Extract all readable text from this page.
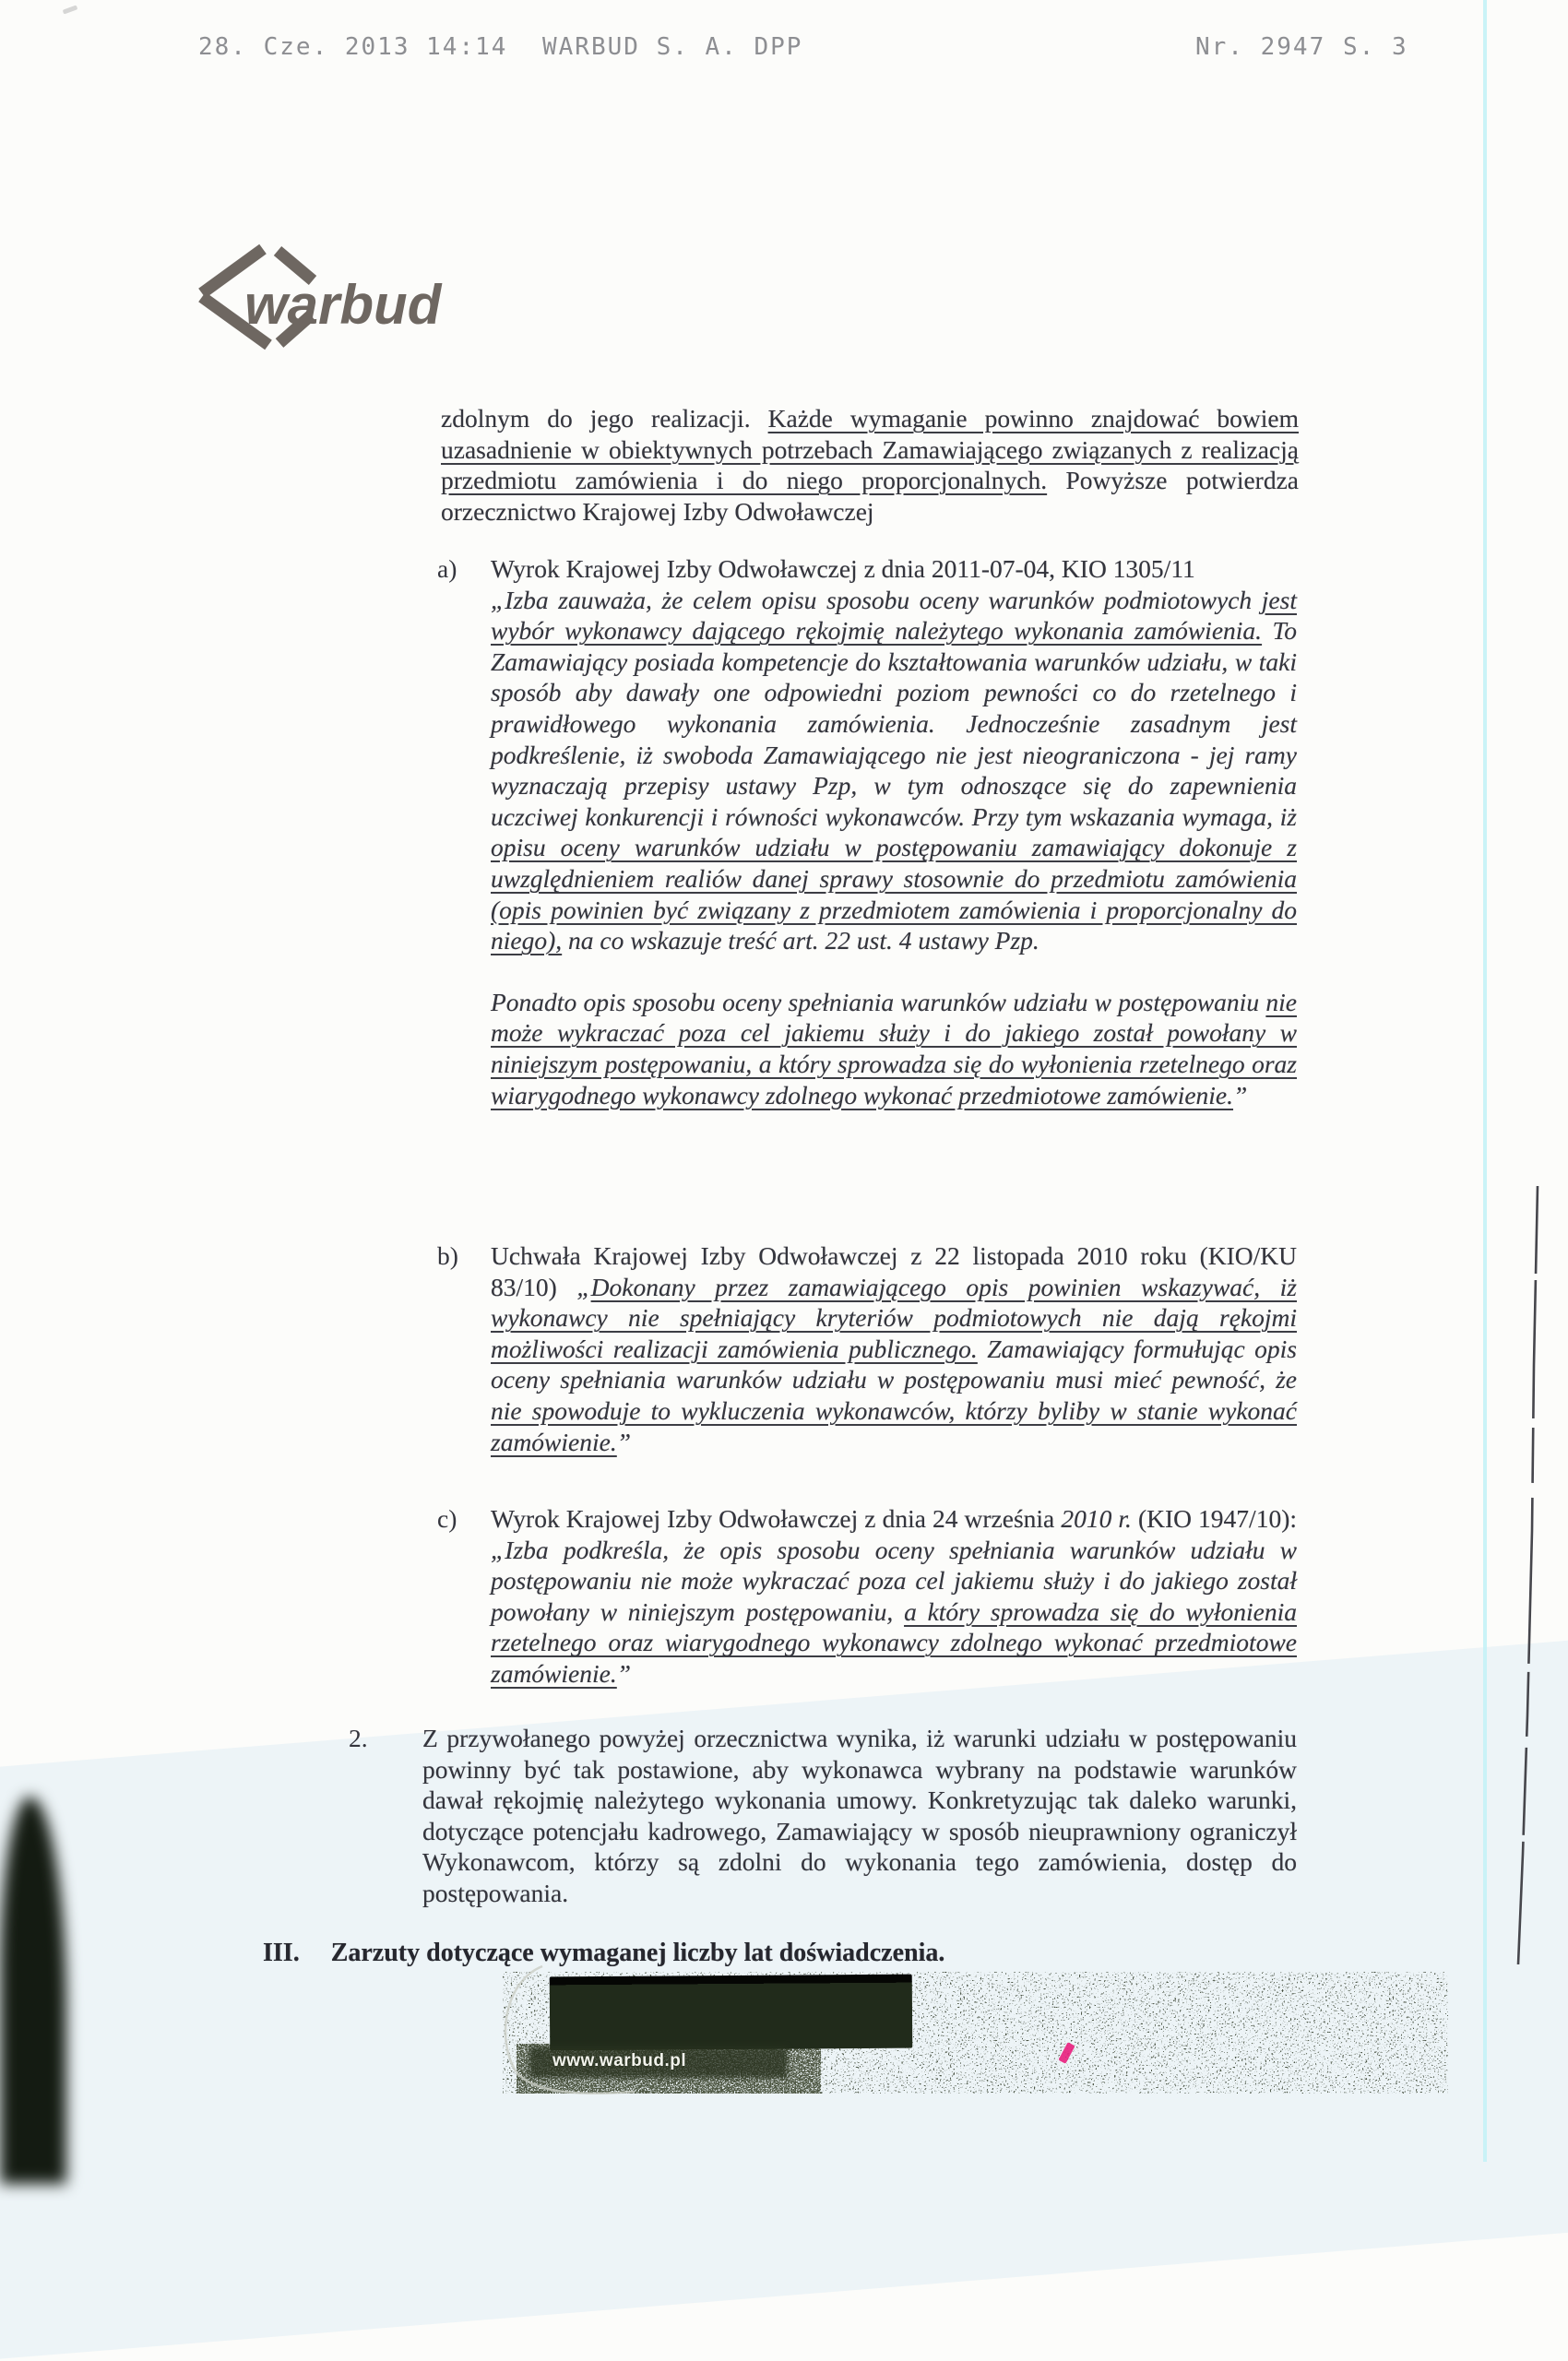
28. Cze. 2013 14:14 WARBUD S. A. DPP	Nr. 2947 S. 3
warbud
zdolnym do jego realizacji. Każde wymaganie powinno znajdować bowiem uzasadnienie w obiektywnych potrzebach Zamawiającego związanych z realizacją przedmiotu zamówienia i do niego proporcjonalnych. Powyższe potwierdza orzecznictwo Krajowej Izby Odwoławczej
a) Wyrok Krajowej Izby Odwoławczej z dnia 2011-07-04, KIO 1305/11
„Izba zauważa, że celem opisu sposobu oceny warunków podmiotowych jest wybór wykonawcy dającego rękojmię należytego wykonania zamówienia. To Zamawiający posiada kompetencje do kształtowania warunków udziału, w taki sposób aby dawały one odpowiedni poziom pewności co do rzetelnego i prawidłowego wykonania zamówienia. Jednocześnie zasadnym jest podkreślenie, iż swoboda Zamawiającego nie jest nieograniczona - jej ramy wyznaczają przepisy ustawy Pzp, w tym odnoszące się do zapewnienia uczciwej konkurencji i równości wykonawców. Przy tym wskazania wymaga, iż opisu oceny warunków udziału w postępowaniu zamawiający dokonuje z uwzględnieniem realiów danej sprawy stosownie do przedmiotu zamówienia (opis powinien być związany z przedmiotem zamówienia i proporcjonalny do niego), na co wskazuje treść art. 22 ust. 4 ustawy Pzp.

Ponadto opis sposobu oceny spełniania warunków udziału w postępowaniu nie może wykraczać poza cel jakiemu służy i do jakiego został powołany w niniejszym postępowaniu, a który sprowadza się do wyłonienia rzetelnego oraz wiarygodnego wykonawcy zdolnego wykonać przedmiotowe zamówienie.”

b) Uchwała Krajowej Izby Odwoławczej z 22 listopada 2010 roku (KIO/KU 83/10) „Dokonany przez zamawiającego opis powinien wskazywać, iż wykonawcy nie spełniający kryteriów podmiotowych nie dają rękojmi możliwości realizacji zamówienia publicznego. Zamawiający formułując opis oceny spełniania warunków udziału w postępowaniu musi mieć pewność, że nie spowoduje to wykluczenia wykonawców, którzy byliby w stanie wykonać zamówienie.”

c) Wyrok Krajowej Izby Odwoławczej z dnia 24 września 2010 r. (KIO 1947/10): „Izba podkreśla, że opis sposobu oceny spełniania warunków udziału w postępowaniu nie może wykraczać poza cel jakiemu służy i do jakiego został powołany w niniejszym postępowaniu, a który sprowadza się do wyłonienia rzetelnego oraz wiarygodnego wykonawcy zdolnego wykonać przedmiotowe zamówienie.”

2. Z przywołanego powyżej orzecznictwa wynika, iż warunki udziału w postępowaniu powinny być tak postawione, aby wykonawca wybrany na podstawie warunków dawał rękojmię należytego wykonania umowy. Konkretyzując tak daleko warunki, dotyczące potencjału kadrowego, Zamawiający w sposób nieuprawniony ograniczył Wykonawcom, którzy są zdolni do wykonania tego zamówienia, dostęp do postępowania.
III. Zarzuty dotyczące wymaganej liczby lat doświadczenia.
www.warbud.pl
